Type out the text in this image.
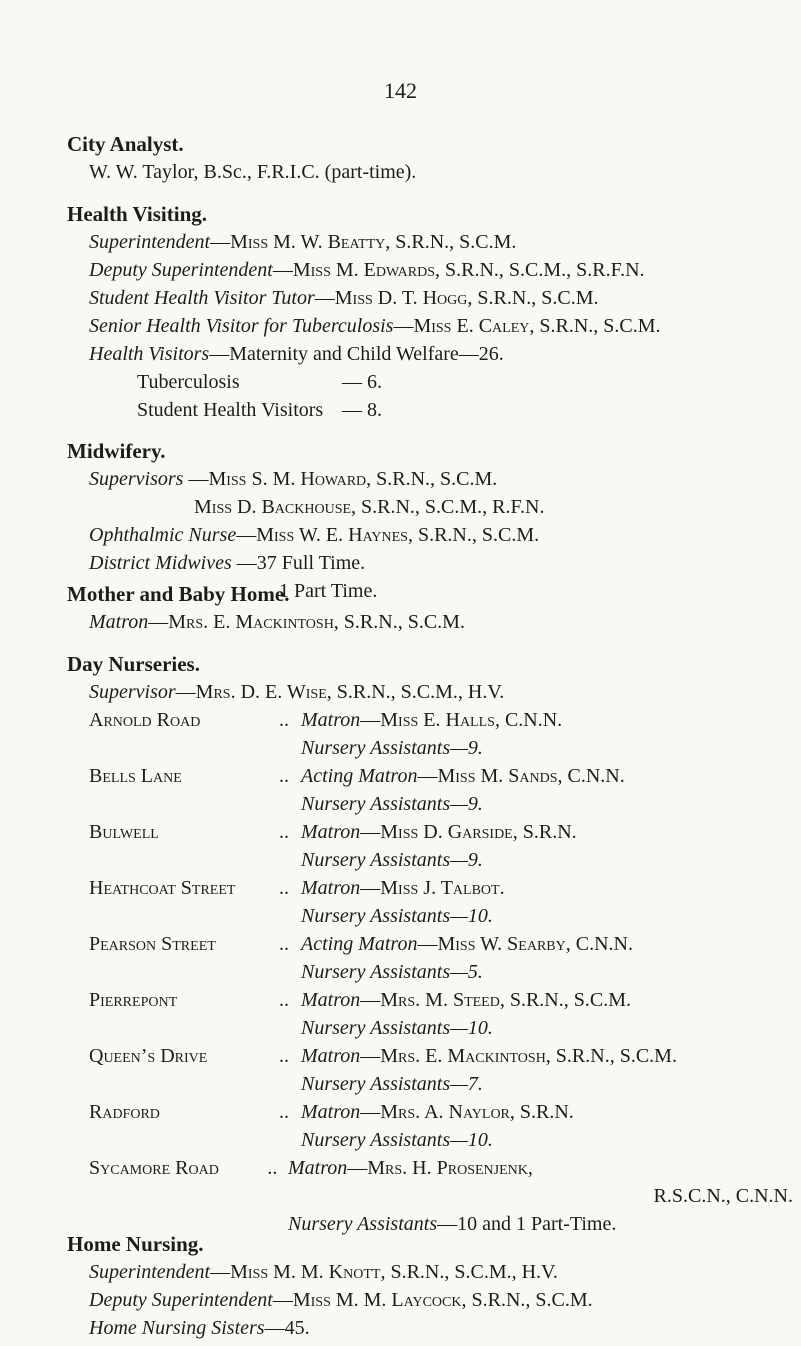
142
City Analyst.
W. W. Taylor, B.Sc., F.R.I.C. (part-time).
Health Visiting.
Superintendent—Miss M. W. Beatty, S.R.N., S.C.M.
Deputy Superintendent—Miss M. Edwards, S.R.N., S.C.M., S.R.F.N.
Student Health Visitor Tutor—Miss D. T. Hogg, S.R.N., S.C.M.
Senior Health Visitor for Tuberculosis—Miss E. Caley, S.R.N., S.C.M.
Health Visitors—Maternity and Child Welfare—26.
Tuberculosis	— 6.
Student Health Visitors — 8.
Midwifery.
Supervisors —Miss S. M. Howard, S.R.N., S.C.M.
Miss D. Backhouse, S.R.N., S.C.M., R.F.N.
Ophthalmic Nurse—Miss W. E. Haynes, S.R.N., S.C.M.
District Midwives —37 Full Time.
1 Part Time.
Mother and Baby Home.
Matron—Mrs. E. Mackintosh, S.R.N., S.C.M.
Day Nurseries.
Supervisor—Mrs. D. E. Wise, S.R.N., S.C.M., H.V.
Arnold Road	.. Matron—Miss E. Halls, C.N.N.
Nursery Assistants—9.
Bells Lane	.. Acting Matron—Miss M. Sands, C.N.N.
Nursery Assistants—9.
Bulwell	.. Matron—Miss D. Garside, S.R.N.
Nursery Assistants—9.
Heathcoat Street	.. Matron—Miss J. Talbot.
Nursery Assistants—10.
Pearson Street	.. Acting Matron—Miss W. Searby, C.N.N.
Nursery Assistants—5.
Pierrepont	.. Matron—Mrs. M. Steed, S.R.N., S.C.M.
Nursery Assistants—10.
Queen’s Drive	.. Matron—Mrs. E. Mackintosh, S.R.N., S.C.M.
Nursery Assistants—7.
Radford	.. Matron—Mrs. A. Naylor, S.R.N.
Nursery Assistants—10.
Sycamore Road	.. Matron—Mrs. H. Prosenjenk,
R.S.C.N., C.N.N.
Nursery Assistants—10 and 1 Part-Time.
Home Nursing.
Superintendent—Miss M. M. Knott, S.R.N., S.C.M., H.V.
Deputy Superintendent—Miss M. M. Laycock, S.R.N., S.C.M.
Home Nursing Sisters—45.
